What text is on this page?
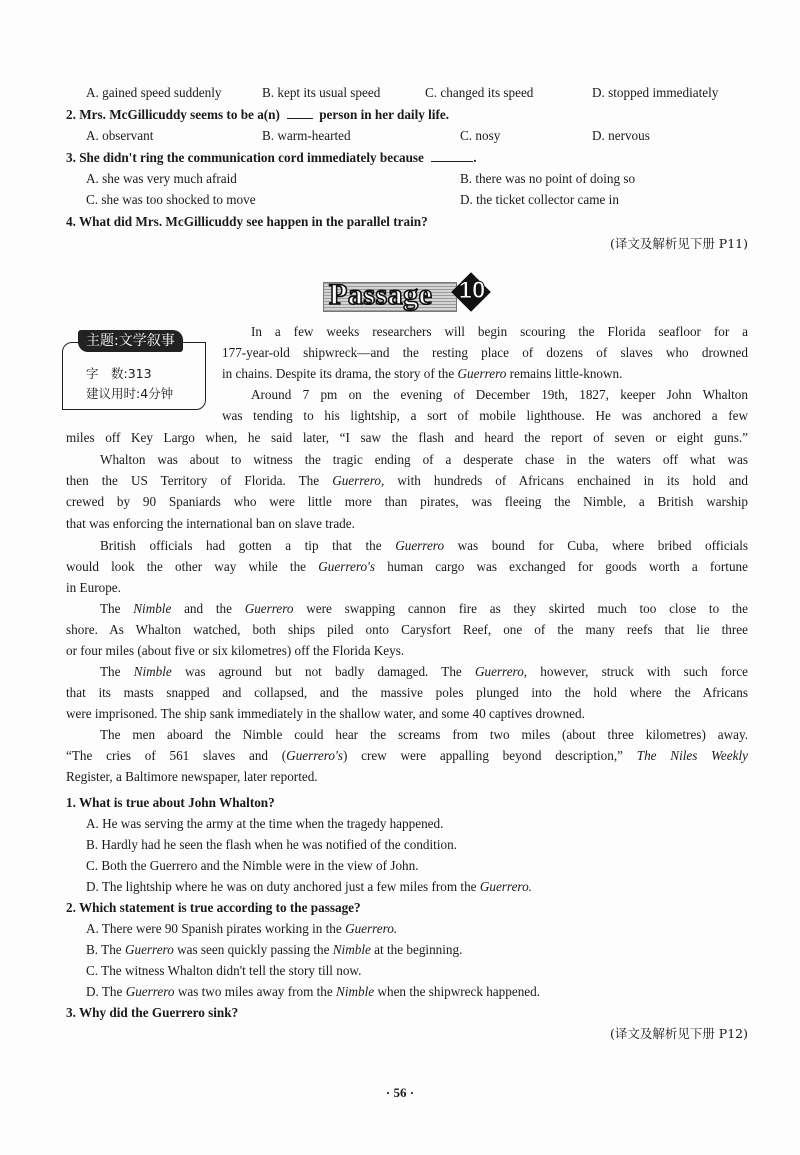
A. gained speed suddenly	B. kept its usual speed	C. changed its speed	D. stopped immediately
2. Mrs. McGillicuddy seems to be a(n)	person in her daily life.
A. observant	B. warm-hearted	C. nosy	D. nervous
3. She didn't ring the communication cord immediately because	.
A. she was very much afraid	B. there was no point of doing so
C. she was too shocked to move	D. the ticket collector came in
4. What did Mrs. McGillicuddy see happen in the parallel train?
(译文及解析见下册 P11)
Passage 10
主题:文学叙事
字　数:313
建议用时:4分钟
In a few weeks researchers will begin scouring the Florida seafloor for a
177-year-old shipwreck—and the resting place of dozens of slaves who drowned
in chains. Despite its drama, the story of the Guerrero remains little-known.
Around 7 pm on the evening of December 19th, 1827, keeper John Whalton
was tending to his lightship, a sort of mobile lighthouse. He was anchored a few
miles off Key Largo when, he said later, “I saw the flash and heard the report of seven or eight guns.”
Whalton was about to witness the tragic ending of a desperate chase in the waters off what was
then the US Territory of Florida. The Guerrero, with hundreds of Africans enchained in its hold and
crewed by 90 Spaniards who were little more than pirates, was fleeing the Nimble, a British warship
that was enforcing the international ban on slave trade.
British officials had gotten a tip that the Guerrero was bound for Cuba, where bribed officials
would look the other way while the Guerrero's human cargo was exchanged for goods worth a fortune
in Europe.
The Nimble and the Guerrero were swapping cannon fire as they skirted much too close to the
shore. As Whalton watched, both ships piled onto Carysfort Reef, one of the many reefs that lie three
or four miles (about five or six kilometres) off the Florida Keys.
The Nimble was aground but not badly damaged. The Guerrero, however, struck with such force
that its masts snapped and collapsed, and the massive poles plunged into the hold where the Africans
were imprisoned. The ship sank immediately in the shallow water, and some 40 captives drowned.
The men aboard the Nimble could hear the screams from two miles (about three kilometres) away.
“The cries of 561 slaves and (Guerrero's) crew were appalling beyond description,” The Niles Weekly
Register, a Baltimore newspaper, later reported.
1. What is true about John Whalton?
A. He was serving the army at the time when the tragedy happened.
B. Hardly had he seen the flash when he was notified of the condition.
C. Both the Guerrero and the Nimble were in the view of John.
D. The lightship where he was on duty anchored just a few miles from the Guerrero.
2. Which statement is true according to the passage?
A. There were 90 Spanish pirates working in the Guerrero.
B. The Guerrero was seen quickly passing the Nimble at the beginning.
C. The witness Whalton didn't tell the story till now.
D. The Guerrero was two miles away from the Nimble when the shipwreck happened.
3. Why did the Guerrero sink?
(译文及解析见下册 P12)
· 56 ·
